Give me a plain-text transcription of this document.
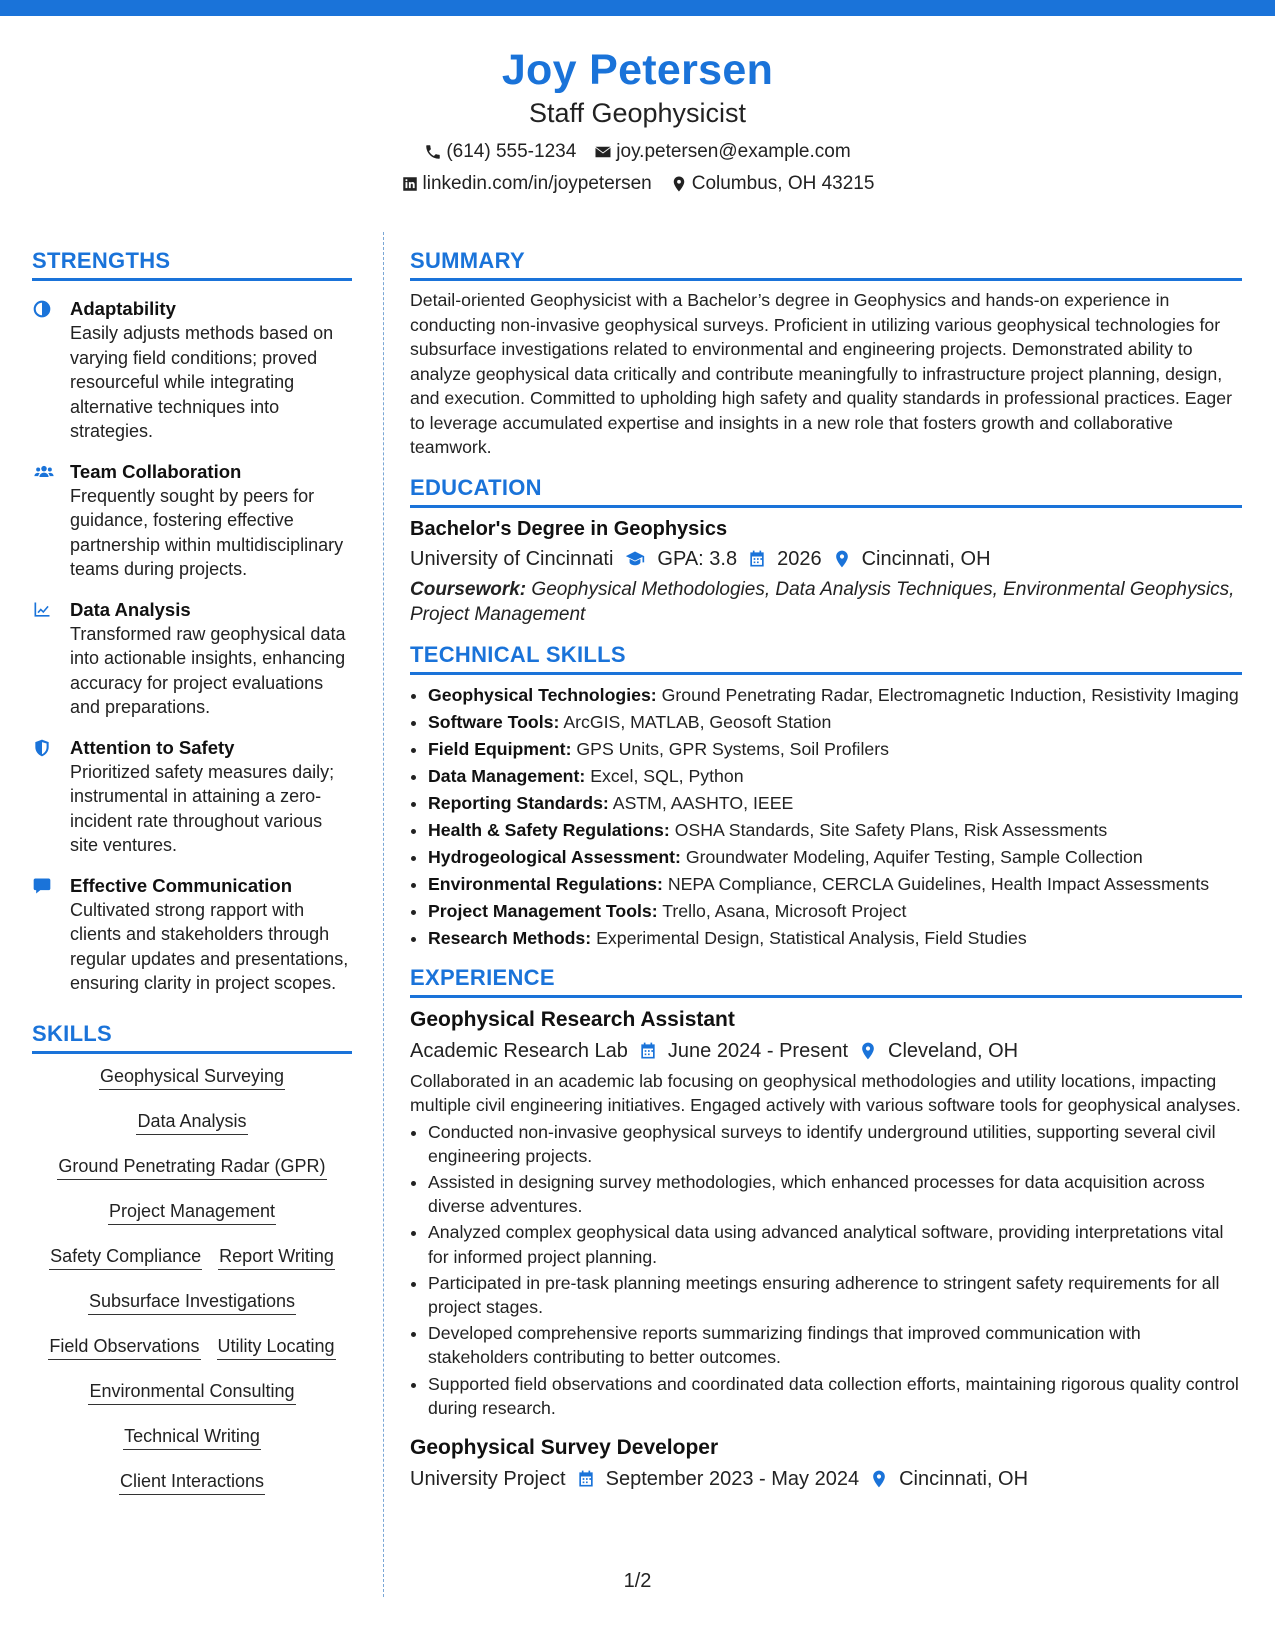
Joy Petersen
Staff Geophysicist
(614) 555-1234 joy.petersen@example.com
linkedin.com/in/joypetersen Columbus, OH 43215
STRENGTHS
Adaptability
Easily adjusts methods based on varying field conditions; proved resourceful while integrating alternative techniques into strategies.
Team Collaboration
Frequently sought by peers for guidance, fostering effective partnership within multidisciplinary teams during projects.
Data Analysis
Transformed raw geophysical data into actionable insights, enhancing accuracy for project evaluations and preparations.
Attention to Safety
Prioritized safety measures daily; instrumental in attaining a zero-incident rate throughout various site ventures.
Effective Communication
Cultivated strong rapport with clients and stakeholders through regular updates and presentations, ensuring clarity in project scopes.
SKILLS
Geophysical Surveying
Data Analysis
Ground Penetrating Radar (GPR)
Project Management
Safety Compliance Report Writing
Subsurface Investigations
Field Observations Utility Locating
Environmental Consulting
Technical Writing
Client Interactions
SUMMARY
Detail-oriented Geophysicist with a Bachelor’s degree in Geophysics and hands-on experience in conducting non-invasive geophysical surveys. Proficient in utilizing various geophysical technologies for subsurface investigations related to environmental and engineering projects. Demonstrated ability to analyze geophysical data critically and contribute meaningfully to infrastructure project planning, design, and execution. Committed to upholding high safety and quality standards in professional practices. Eager to leverage accumulated expertise and insights in a new role that fosters growth and collaborative teamwork.
EDUCATION
Bachelor's Degree in Geophysics
University of Cincinnati GPA: 3.8 2026 Cincinnati, OH
Coursework: Geophysical Methodologies, Data Analysis Techniques, Environmental Geophysics, Project Management
TECHNICAL SKILLS
• Geophysical Technologies: Ground Penetrating Radar, Electromagnetic Induction, Resistivity Imaging
• Software Tools: ArcGIS, MATLAB, Geosoft Station
• Field Equipment: GPS Units, GPR Systems, Soil Profilers
• Data Management: Excel, SQL, Python
• Reporting Standards: ASTM, AASHTO, IEEE
• Health & Safety Regulations: OSHA Standards, Site Safety Plans, Risk Assessments
• Hydrogeological Assessment: Groundwater Modeling, Aquifer Testing, Sample Collection
• Environmental Regulations: NEPA Compliance, CERCLA Guidelines, Health Impact Assessments
• Project Management Tools: Trello, Asana, Microsoft Project
• Research Methods: Experimental Design, Statistical Analysis, Field Studies
EXPERIENCE
Geophysical Research Assistant
Academic Research Lab June 2024 - Present Cleveland, OH
Collaborated in an academic lab focusing on geophysical methodologies and utility locations, impacting multiple civil engineering initiatives. Engaged actively with various software tools for geophysical analyses.
• Conducted non-invasive geophysical surveys to identify underground utilities, supporting several civil engineering projects.
• Assisted in designing survey methodologies, which enhanced processes for data acquisition across diverse adventures.
• Analyzed complex geophysical data using advanced analytical software, providing interpretations vital for informed project planning.
• Participated in pre-task planning meetings ensuring adherence to stringent safety requirements for all project stages.
• Developed comprehensive reports summarizing findings that improved communication with stakeholders contributing to better outcomes.
• Supported field observations and coordinated data collection efforts, maintaining rigorous quality control during research.
Geophysical Survey Developer
University Project September 2023 - May 2024 Cincinnati, OH
1/2
